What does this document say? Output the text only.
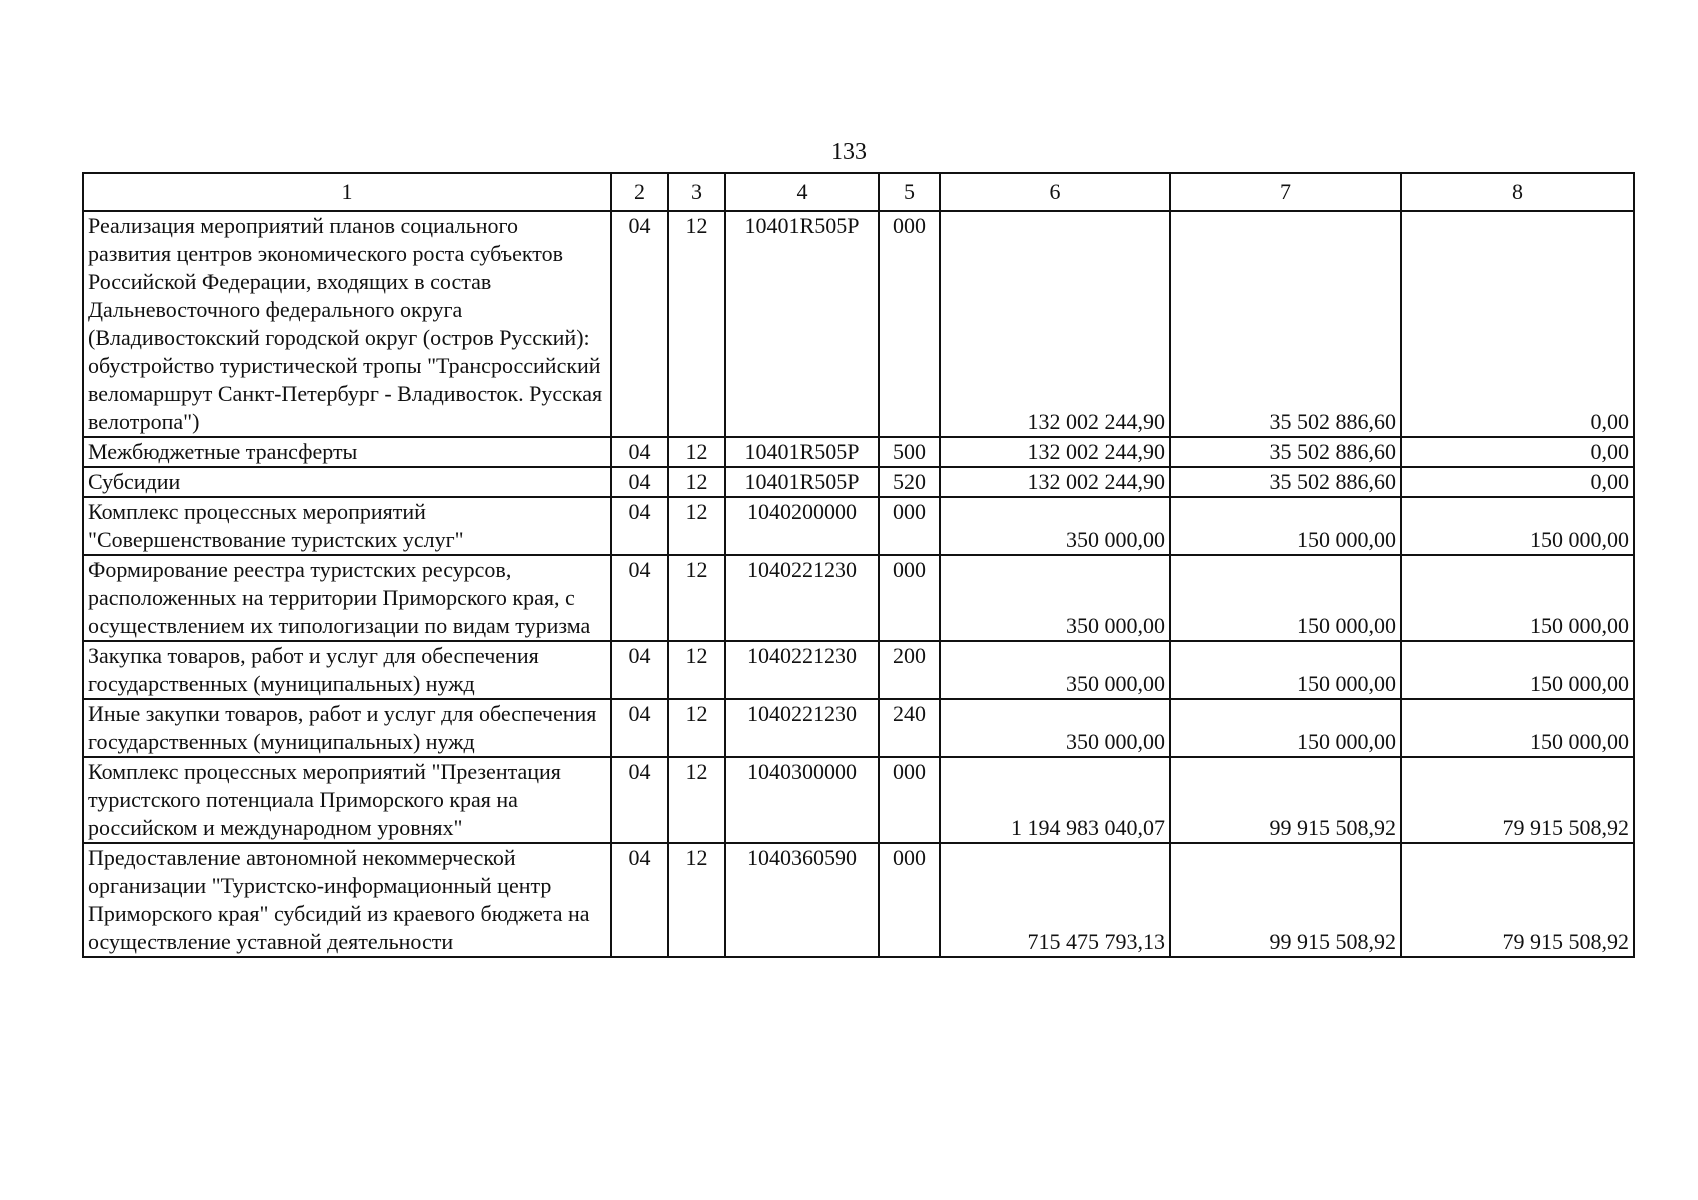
133
1	2	3	4	5	6	7	8
Реализация мероприятий планов социального развития центров экономического роста субъектов Российской Федерации, входящих в состав Дальневосточного федерального округа (Владивостокский городской округ (остров Русский): обустройство туристической тропы "Трансроссийский веломаршрут Санкт-Петербург - Владивосток. Русская велотропа")	04	12	10401R505P	000	132 002 244,90	35 502 886,60	0,00
Межбюджетные трансферты	04	12	10401R505P	500	132 002 244,90	35 502 886,60	0,00
Субсидии	04	12	10401R505P	520	132 002 244,90	35 502 886,60	0,00
Комплекс процессных мероприятий "Совершенствование туристских услуг"	04	12	1040200000	000	350 000,00	150 000,00	150 000,00
Формирование реестра туристских ресурсов, расположенных на территории Приморского края, с осуществлением их типологизации по видам туризма	04	12	1040221230	000	350 000,00	150 000,00	150 000,00
Закупка товаров, работ и услуг для обеспечения государственных (муниципальных) нужд	04	12	1040221230	200	350 000,00	150 000,00	150 000,00
Иные закупки товаров, работ и услуг для обеспечения государственных (муниципальных) нужд	04	12	1040221230	240	350 000,00	150 000,00	150 000,00
Комплекс процессных мероприятий "Презентация туристского потенциала Приморского края на российском и международном уровнях"	04	12	1040300000	000	1 194 983 040,07	99 915 508,92	79 915 508,92
Предоставление автономной некоммерческой организации "Туристско-информационный центр Приморского края" субсидий из краевого бюджета на осуществление уставной деятельности	04	12	1040360590	000	715 475 793,13	99 915 508,92	79 915 508,92
